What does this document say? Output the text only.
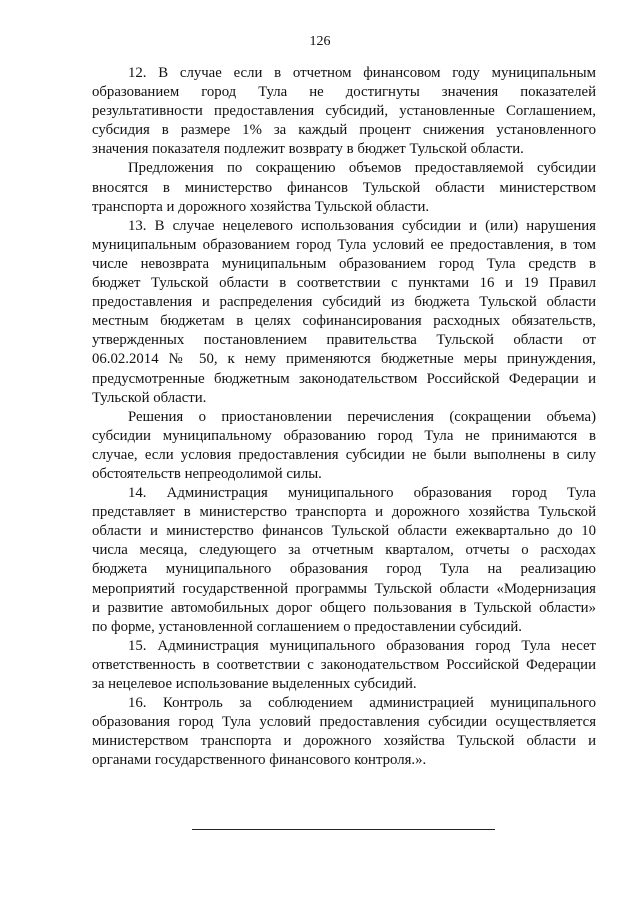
126
12. В случае если в отчетном финансовом году муниципальным
образованием город Тула не достигнуты значения показателей
результативности предоставления субсидий, установленные Соглашением,
субсидия в размере 1% за каждый процент снижения установленного
значения показателя подлежит возврату в бюджет Тульской области.
Предложения по сокращению объемов предоставляемой субсидии
вносятся в министерство финансов Тульской области министерством
транспорта и дорожного хозяйства Тульской области.
13. В случае нецелевого использования субсидии и (или) нарушения
муниципальным образованием город Тула условий ее предоставления, в том
числе невозврата муниципальным образованием город Тула средств в
бюджет Тульской области в соответствии с пунктами 16 и 19 Правил
предоставления и распределения субсидий из бюджета Тульской области
местным бюджетам в целях софинансирования расходных обязательств,
утвержденных постановлением правительства Тульской области от
06.02.2014 № 50, к нему применяются бюджетные меры принуждения,
предусмотренные бюджетным законодательством Российской Федерации и
Тульской области.
Решения о приостановлении перечисления (сокращении объема)
субсидии муниципальному образованию город Тула не принимаются в
случае, если условия предоставления субсидии не были выполнены в силу
обстоятельств непреодолимой силы.
14. Администрация муниципального образования город Тула
представляет в министерство транспорта и дорожного хозяйства Тульской
области и министерство финансов Тульской области ежеквартально до 10
числа месяца, следующего за отчетным кварталом, отчеты о расходах
бюджета муниципального образования город Тула на реализацию
мероприятий государственной программы Тульской области «Модернизация
и развитие автомобильных дорог общего пользования в Тульской области»
по форме, установленной соглашением о предоставлении субсидий.
15. Администрация муниципального образования город Тула несет
ответственность в соответствии с законодательством Российской Федерации
за нецелевое использование выделенных субсидий.
16. Контроль за соблюдением администрацией муниципального
образования город Тула условий предоставления субсидии осуществляется
министерством транспорта и дорожного хозяйства Тульской области и
органами государственного финансового контроля.».
